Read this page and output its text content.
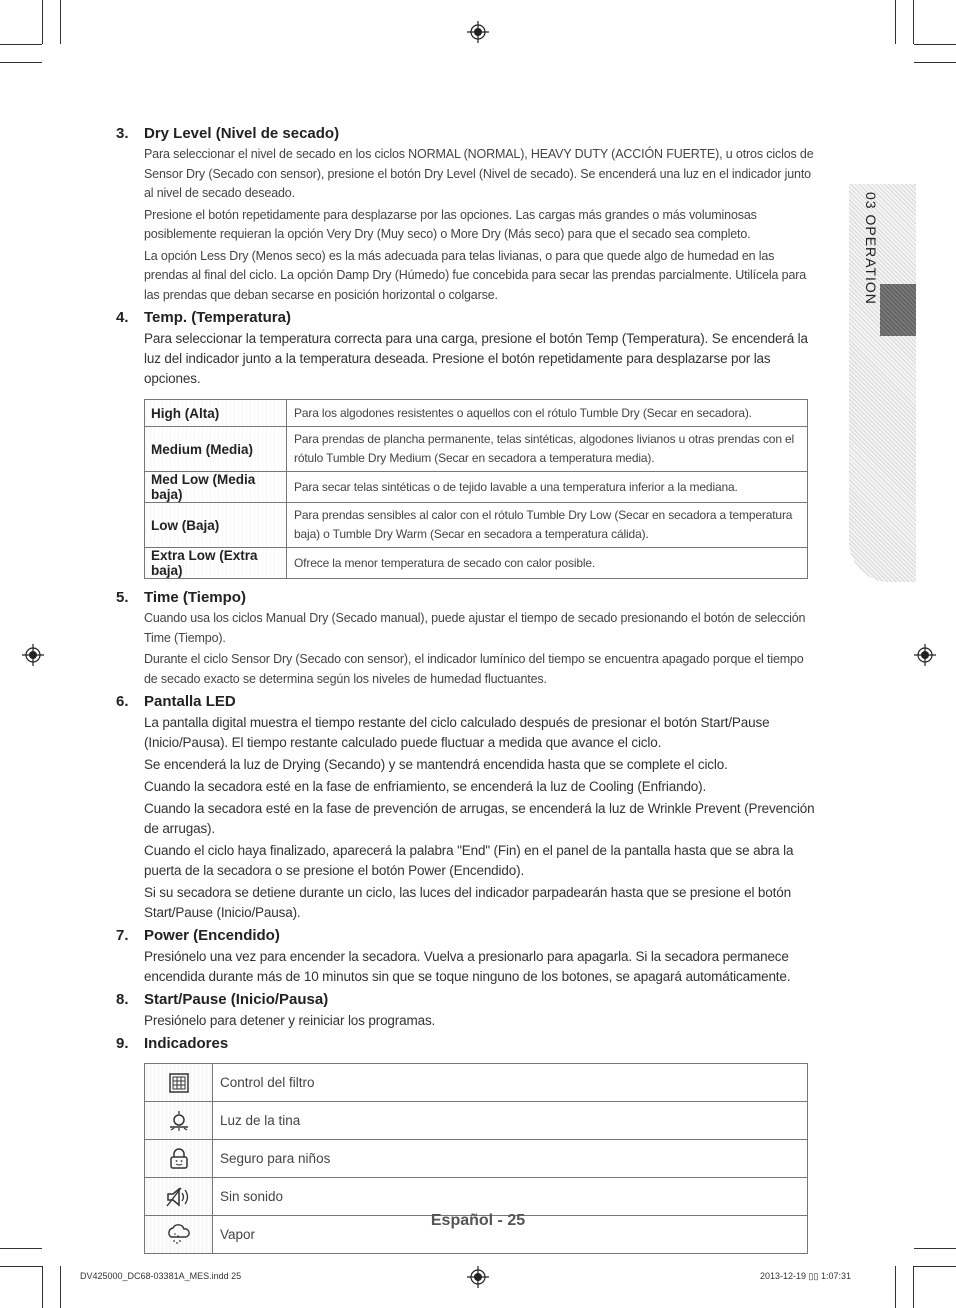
03 OPERATION
3.	Dry Level (Nivel de secado)

Para seleccionar el nivel de secado en los ciclos NORMAL (NORMAL), HEAVY DUTY (ACCIÓN FUERTE), u otros ciclos de Sensor Dry (Secado con sensor), presione el botón Dry Level (Nivel de secado). Se encenderá una luz en el indicador junto al nivel de secado deseado.

Presione el botón repetidamente para desplazarse por las opciones. Las cargas más grandes o más voluminosas posiblemente requieran la opción Very Dry (Muy seco) o More Dry (Más seco) para que el secado sea completo.

La opción Less Dry (Menos seco) es la más adecuada para telas livianas, o para que quede algo de humedad en las prendas al final del ciclo. La opción Damp Dry (Húmedo) fue concebida para secar las prendas parcialmente. Utilícela para las prendas que deban secarse en posición horizontal o colgarse.

4.	Temp. (Temperatura)

Para seleccionar la temperatura correcta para una carga, presione el botón Temp (Temperatura). Se encenderá la luz del indicador junto a la temperatura deseada. Presione el botón repetidamente para desplazarse por las opciones.

High (Alta)	Para los algodones resistentes o aquellos con el rótulo Tumble Dry (Secar en secadora).
Medium (Media)	Para prendas de plancha permanente, telas sintéticas, algodones livianos u otras prendas con el rótulo Tumble Dry Medium (Secar en secadora a temperatura media).
Med Low (Media baja)	Para secar telas sintéticas o de tejido lavable a una temperatura inferior a la mediana.
Low (Baja)	Para prendas sensibles al calor con el rótulo Tumble Dry Low (Secar en secadora a temperatura baja) o Tumble Dry Warm (Secar en secadora a temperatura cálida).
Extra Low (Extra baja)	Ofrece la menor temperatura de secado con calor posible.
5.	Time (Tiempo)

Cuando usa los ciclos Manual Dry (Secado manual), puede ajustar el tiempo de secado presionando el botón de selección Time (Tiempo).

Durante el ciclo Sensor Dry (Secado con sensor), el indicador lumínico del tiempo se encuentra apagado porque el tiempo de secado exacto se determina según los niveles de humedad fluctuantes.

6.	Pantalla LED

La pantalla digital muestra el tiempo restante del ciclo calculado después de presionar el botón Start/Pause (Inicio/Pausa). El tiempo restante calculado puede fluctuar a medida que avance el ciclo.

Se encenderá la luz de Drying (Secando) y se mantendrá encendida hasta que se complete el ciclo.

Cuando la secadora esté en la fase de enfriamiento, se encenderá la luz de Cooling (Enfriando).

Cuando la secadora esté en la fase de prevención de arrugas, se encenderá la luz de Wrinkle Prevent (Prevención de arrugas).

Cuando el ciclo haya finalizado, aparecerá la palabra "End" (Fin) en el panel de la pantalla hasta que se abra la puerta de la secadora o se presione el botón Power (Encendido).

Si su secadora se detiene durante un ciclo, las luces del indicador parpadearán hasta que se presione el botón Start/Pause (Inicio/Pausa).

7.	Power (Encendido)

Presiónelo una vez para encender la secadora. Vuelva a presionarlo para apagarla. Si la secadora permanece encendida durante más de 10 minutos sin que se toque ninguno de los botones, se apagará automáticamente.

8.	Start/Pause (Inicio/Pausa)

Presiónelo para detener y reiniciar los programas.

9.	Indicadores
	Control del filtro
	Luz de la tina
	Seguro para niños
	Sin sonido
	Vapor
Español - 25
DV425000_DC68-03381A_MES.indd 25	2013-12-19 ▯▯ 1:07:31
